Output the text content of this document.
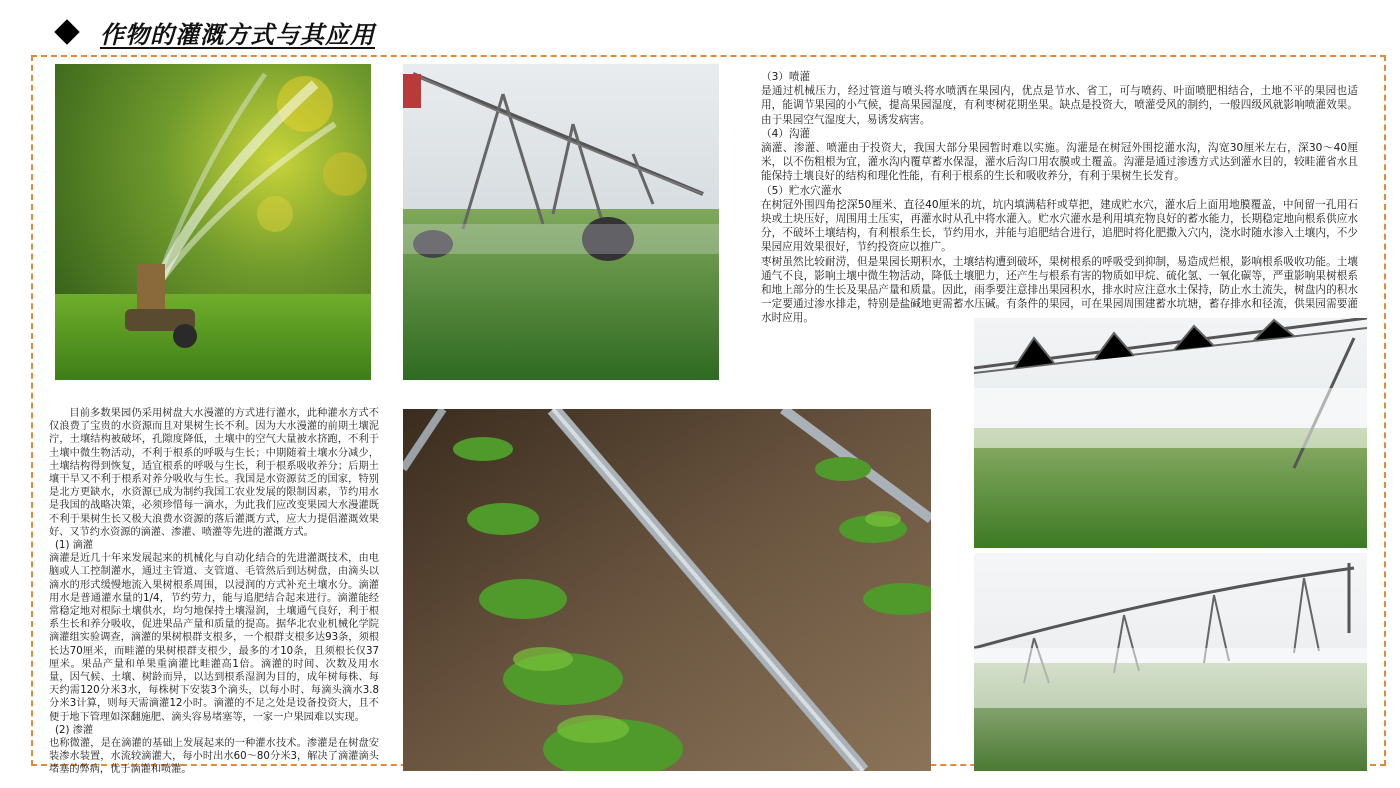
作物的灌溉方式与其应用

目前多数果园仍采用树盘大水漫灌的方式进行灌水，此种灌水方式不仅浪费了宝贵的水资源而且对果树生长不利。因为大水漫灌的前期土壤泥泞，土壤结构被破坏，孔隙度降低，土壤中的空气大量被水挤跑，不利于土壤中微生物活动，不利于根系的呼吸与生长；中期随着土壤水分减少，土壤结构得到恢复，适宜根系的呼吸与生长，利于根系吸收养分；后期土壤干旱又不利于根系对养分吸收与生长。我国是水资源贫乏的国家，特别是北方更缺水，水资源已成为制约我国工农业发展的限制因素，节约用水是我国的战略决策，必须珍惜每一滴水，为此我们应改变果园大水漫灌既不利于果树生长又极大浪费水资源的落后灌溉方式，应大力提倡灌溉效果好、又节约水资源的滴灌、渗灌、喷灌等先进的灌溉方式。

(1) 滴灌

滴灌是近几十年来发展起来的机械化与自动化结合的先进灌溉技术，由电脑或人工控制灌水，通过主管道、支管道、毛管然后到达树盘，由滴头以滴水的形式缓慢地流入果树根系周围，以浸润的方式补充土壤水分。滴灌用水是普通灌水量的1/4，节约劳力，能与追肥结合起来进行。滴灌能经常稳定地对根际土壤供水，均匀地保持土壤湿润，土壤通气良好，利于根系生长和养分吸收，促进果品产量和质量的提高。据华北农业机械化学院滴灌组实验调查，滴灌的果树根群支根多，一个根群支根多达93条，须根长达70厘米，而畦灌的果树根群支根少，最多的才10条，且须根长仅37厘米。果品产量和单果重滴灌比畦灌高1倍。滴灌的时间、次数及用水量，因气候、土壤、树龄而异，以达到根系湿润为目的，成年树每株、每天约需120分米3水，每株树下安装3个滴头，以每小时、每滴头滴水3.8分米3计算，则每天需滴灌12小时。滴灌的不足之处是设备投资大，且不便于地下管理如深翻施肥、滴头容易堵塞等，一家一户果园难以实现。

(2) 渗灌

也称微灌，是在滴灌的基础上发展起来的一种灌水技术。渗灌是在树盘安装渗水装置，水流较滴灌大，每小时出水60～80分米3，解决了滴灌滴头堵塞的弊病，优于滴灌和喷灌。

（3）喷灌

是通过机械压力，经过管道与喷头将水喷洒在果园内，优点是节水、省工，可与喷药、叶面喷肥相结合，土地不平的果园也适用，能调节果园的小气候，提高果园湿度，有利枣树花期坐果。缺点是投资大，喷灌受风的制约，一般四级风就影响喷灌效果。由于果园空气湿度大，易诱发病害。

（4）沟灌

滴灌、渗灌、喷灌由于投资大，我国大部分果园暂时难以实施。沟灌是在树冠外围挖灌水沟，沟宽30厘米左右，深30～40厘米，以不伤粗根为宜，灌水沟内覆草蓄水保湿，灌水后沟口用农膜或土覆盖。沟灌是通过渗透方式达到灌水目的，较畦灌省水且能保持土壤良好的结构和理化性能，有利于根系的生长和吸收养分，有利于果树生长发育。

（5）贮水穴灌水

在树冠外围四角挖深50厘米、直径40厘米的坑，坑内填满秸秆或草把，建成贮水穴，灌水后上面用地膜覆盖，中间留一孔用石块或土块压好，周围用土压实，再灌水时从孔中将水灌入。贮水穴灌水是利用填充物良好的蓄水能力，长期稳定地向根系供应水分，不破坏土壤结构，有利根系生长，节约用水，并能与追肥结合进行，追肥时将化肥撒入穴内，浇水时随水渗入土壤内，不少果园应用效果很好，节约投资应以推广。

枣树虽然比较耐涝，但是果园长期积水，土壤结构遭到破坏，果树根系的呼吸受到抑制，易造成烂根，影响根系吸收功能。土壤通气不良，影响土壤中微生物活动，降低土壤肥力，还产生与根系有害的物质如甲烷、硫化氢、一氧化碳等，严重影响果树根系和地上部分的生长及果品产量和质量。因此，雨季要注意排出果园积水，排水时应注意水土保持，防止水土流失，树盘内的积水一定要通过渗水排走，特别是盐碱地更需蓄水压碱。有条件的果园，可在果园周围建蓄水坑塘，蓄存排水和径流，供果园需要灌水时应用。
